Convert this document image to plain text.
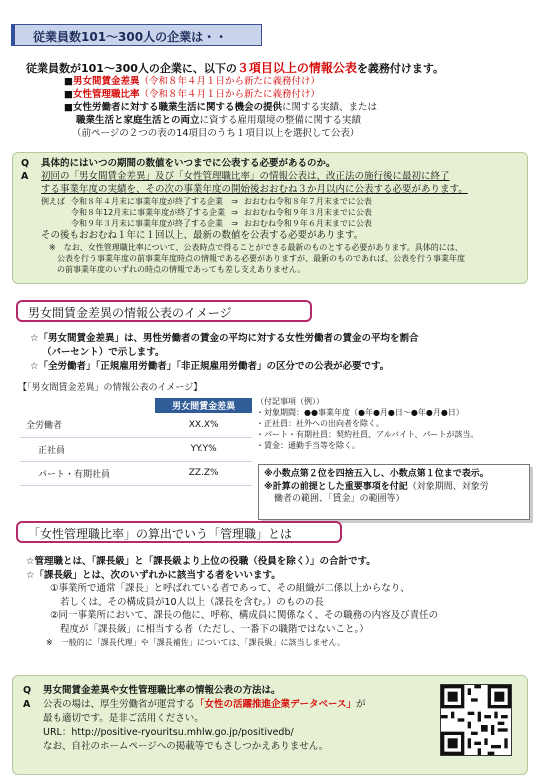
従業員数101～300人の企業は・・
従業員数が101～300人の企業に、以下の３項目以上の情報公表を義務付けます。
■男女間賃金差異（令和８年４月１日から新たに義務付け）
■女性管理職比率（令和８年４月１日から新たに義務付け）
■女性労働者に対する職業生活に関する機会の提供に関する実績、または
職業生活と家庭生活との両立に資する雇用環境の整備に関する実績
（前ページの２つの表の14項目のうち１項目以上を選択して公表）
Q	具体的にはいつの期間の数値をいつまでに公表する必要があるのか。
A	初回の「男女間賃金差異」及び「女性管理職比率」の情報公表は、改正法の施行後に最初に終了
する事業年度の実績を、その次の事業年度の開始後おおむね３か月以内に公表する必要があります。
例えば	令和８年４月末に事業年度が終了する企業	⇒	おおむね令和８年７月末までに公表
	令和８年12月末に事業年度が終了する企業	⇒	おおむね令和９年３月末までに公表
	令和９年３月末に事業年度が終了する企業	⇒	おおむね令和９年６月末までに公表
その後もおおむね１年に１回以上、最新の数値を公表する必要があります。
※　なお、女性管理職比率について、公表時点で得ることができる最新のものとする必要があります。具体的には、
公表を行う事業年度の前事業年度時点の情報である必要がありますが、最新のものであれば、公表を行う事業年度
の前事業年度のいずれの時点の情報であっても差し支えありません。
男女間賃金差異の情報公表のイメージ
☆「男女間賃金差異」は、男性労働者の賃金の平均に対する女性労働者の賃金の平均を割合
（パーセント）で示します。
☆「全労働者」「正規雇用労働者」「非正規雇用労働者」の区分での公表が必要です。
【「男女間賃金差異」の情報公表のイメージ】
	男女間賃金差異
全労働者	XX.X%
正社員	YY.Y%
パート・有期社員	ZZ.Z%
（付記事項（例））
・対象期間：●●事業年度（●年●月●日～●年●月●日）
・正社員：社外への出向者を除く。
・パート・有期社員：契約社員、アルバイト、パートが該当。
・賃金：通勤手当等を除く。
※小数点第２位を四捨五入し、小数点第１位まで表示。
※計算の前提とした重要事項を付記（対象期間、対象労
働者の範囲、「賃金」の範囲等）
「女性管理職比率」の算出でいう「管理職」とは
☆管理職とは、「課長級」と「課長級より上位の役職（役員を除く）」の合計です。
☆「課長級」とは、次のいずれかに該当する者をいいます。
①事業所で通常「課長」と呼ばれている者であって、その組織が二係以上からなり、
若しくは、その構成員が10人以上（課長を含む。）のものの長
②同一事業所において、課長の他に、呼称、構成員に関係なく、その職務の内容及び責任の
程度が「課長級」に相当する者（ただし、一番下の職階ではないこと。）
※　一般的に「課長代理」や「課長補佐」については、「課長級」に該当しません。
Q	男女間賃金差異や女性管理職比率の情報公表の方法は。
A	公表の場は、厚生労働省が運営する 「女性の活躍推進企業データベース」 が
最も適切です。是非ご活用ください。
URL：http://positive-ryouritsu.mhlw.go.jp/positivedb/
なお、自社のホームページへの掲載等でもさしつかえありません。
